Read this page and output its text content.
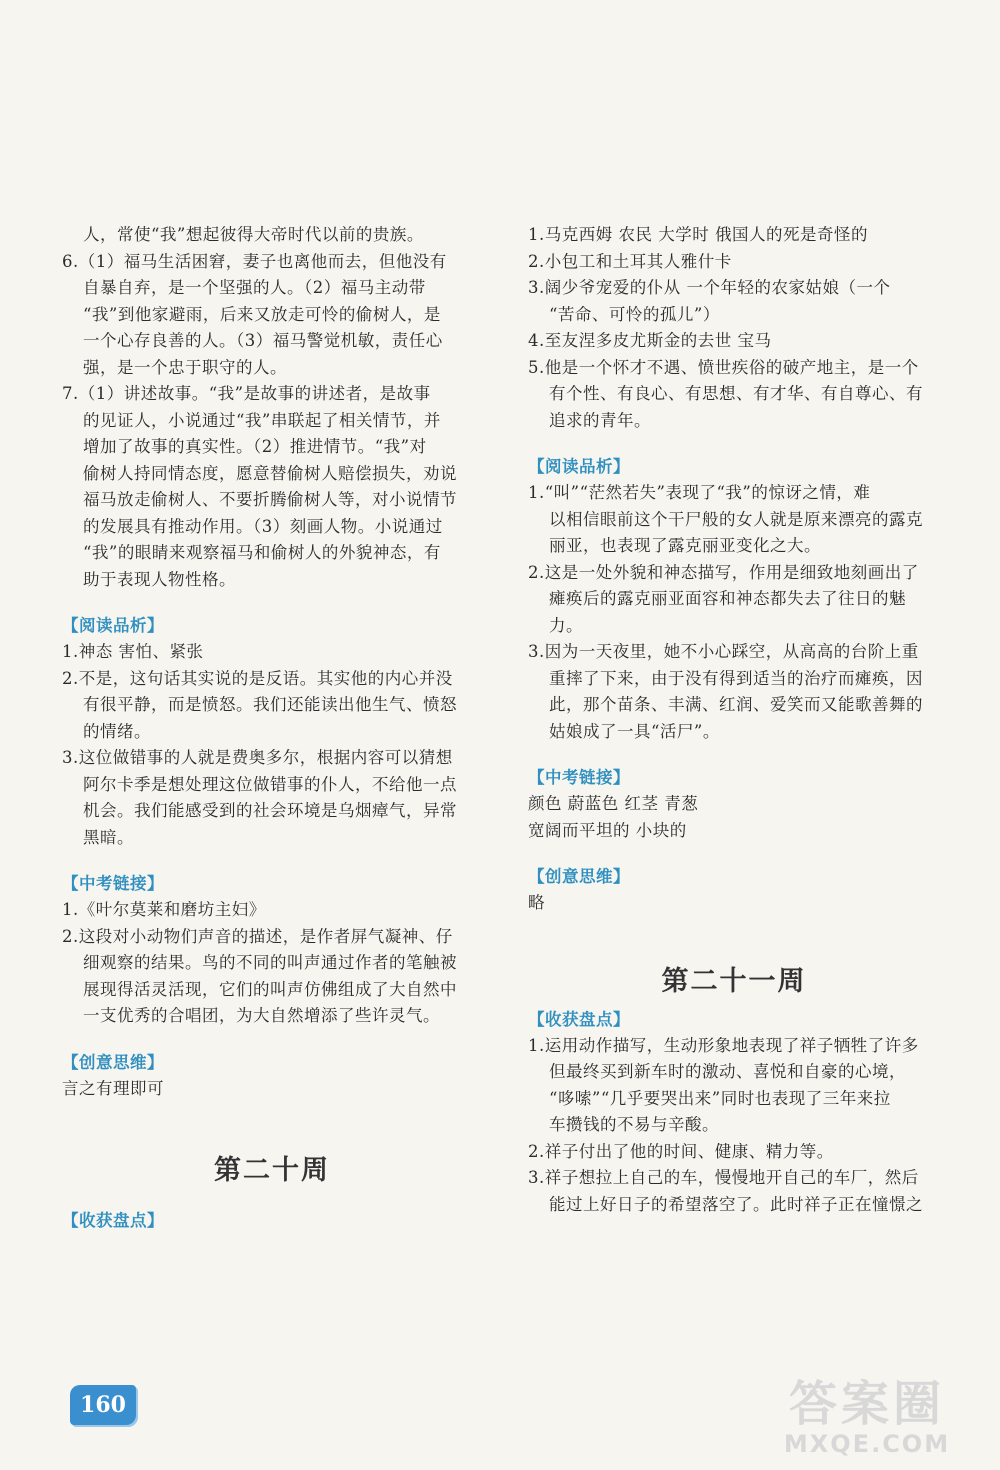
人，常使“我”想起彼得大帝时代以前的贵族。
6.（1）福马生活困窘，妻子也离他而去，但他没有
自暴自弃，是一个坚强的人。（2）福马主动带
“我”到他家避雨，后来又放走可怜的偷树人，是
一个心存良善的人。（3）福马警觉机敏，责任心
强，是一个忠于职守的人。
7.（1）讲述故事。“我”是故事的讲述者，是故事
的见证人，小说通过“我”串联起了相关情节，并
增加了故事的真实性。（2）推进情节。“我”对
偷树人持同情态度，愿意替偷树人赔偿损失，劝说
福马放走偷树人、不要折腾偷树人等，对小说情节
的发展具有推动作用。（3）刻画人物。小说通过
“我”的眼睛来观察福马和偷树人的外貌神态，有
助于表现人物性格。
【阅读品析】
1.神态 害怕、紧张
2.不是，这句话其实说的是反语。其实他的内心并没
有很平静，而是愤怒。我们还能读出他生气、愤怒
的情绪。
3.这位做错事的人就是费奥多尔，根据内容可以猜想
阿尔卡季是想处理这位做错事的仆人，不给他一点
机会。我们能感受到的社会环境是乌烟瘴气，异常
黑暗。
【中考链接】
1.《叶尔莫莱和磨坊主妇》
2.这段对小动物们声音的描述，是作者屏气凝神、仔
细观察的结果。鸟的不同的叫声通过作者的笔触被
展现得活灵活现，它们的叫声仿佛组成了大自然中
一支优秀的合唱团，为大自然增添了些许灵气。
【创意思维】
言之有理即可
第二十周
【收获盘点】
1.马克西姆 农民 大学时 俄国人的死是奇怪的
2.小包工和土耳其人雅什卡
3.阔少爷宠爱的仆从 一个年轻的农家姑娘（一个
“苦命、可怜的孤儿”）
4.至友涅多皮尤斯金的去世 宝马
5.他是一个怀才不遇、愤世疾俗的破产地主，是一个
有个性、有良心、有思想、有才华、有自尊心、有
追求的青年。
【阅读品析】
1.“叫”“茫然若失”表现了“我”的惊讶之情，难
以相信眼前这个干尸般的女人就是原来漂亮的露克
丽亚，也表现了露克丽亚变化之大。
2.这是一处外貌和神态描写，作用是细致地刻画出了
瘫痪后的露克丽亚面容和神态都失去了往日的魅
力。
3.因为一天夜里，她不小心踩空，从高高的台阶上重
重摔了下来，由于没有得到适当的治疗而瘫痪，因
此，那个苗条、丰满、红润、爱笑而又能歌善舞的
姑娘成了一具“活尸”。
【中考链接】
颜色 蔚蓝色 红茎 青葱
宽阔而平坦的 小块的
【创意思维】
略
第二十一周
【收获盘点】
1.运用动作描写，生动形象地表现了祥子牺牲了许多
但最终买到新车时的激动、喜悦和自豪的心境，
“哆嗦”“几乎要哭出来”同时也表现了三年来拉
车攒钱的不易与辛酸。
2.祥子付出了他的时间、健康、精力等。
3.祥子想拉上自己的车，慢慢地开自己的车厂，然后
能过上好日子的希望落空了。此时祥子正在憧憬之
160	答案圈
MXQE.COM
